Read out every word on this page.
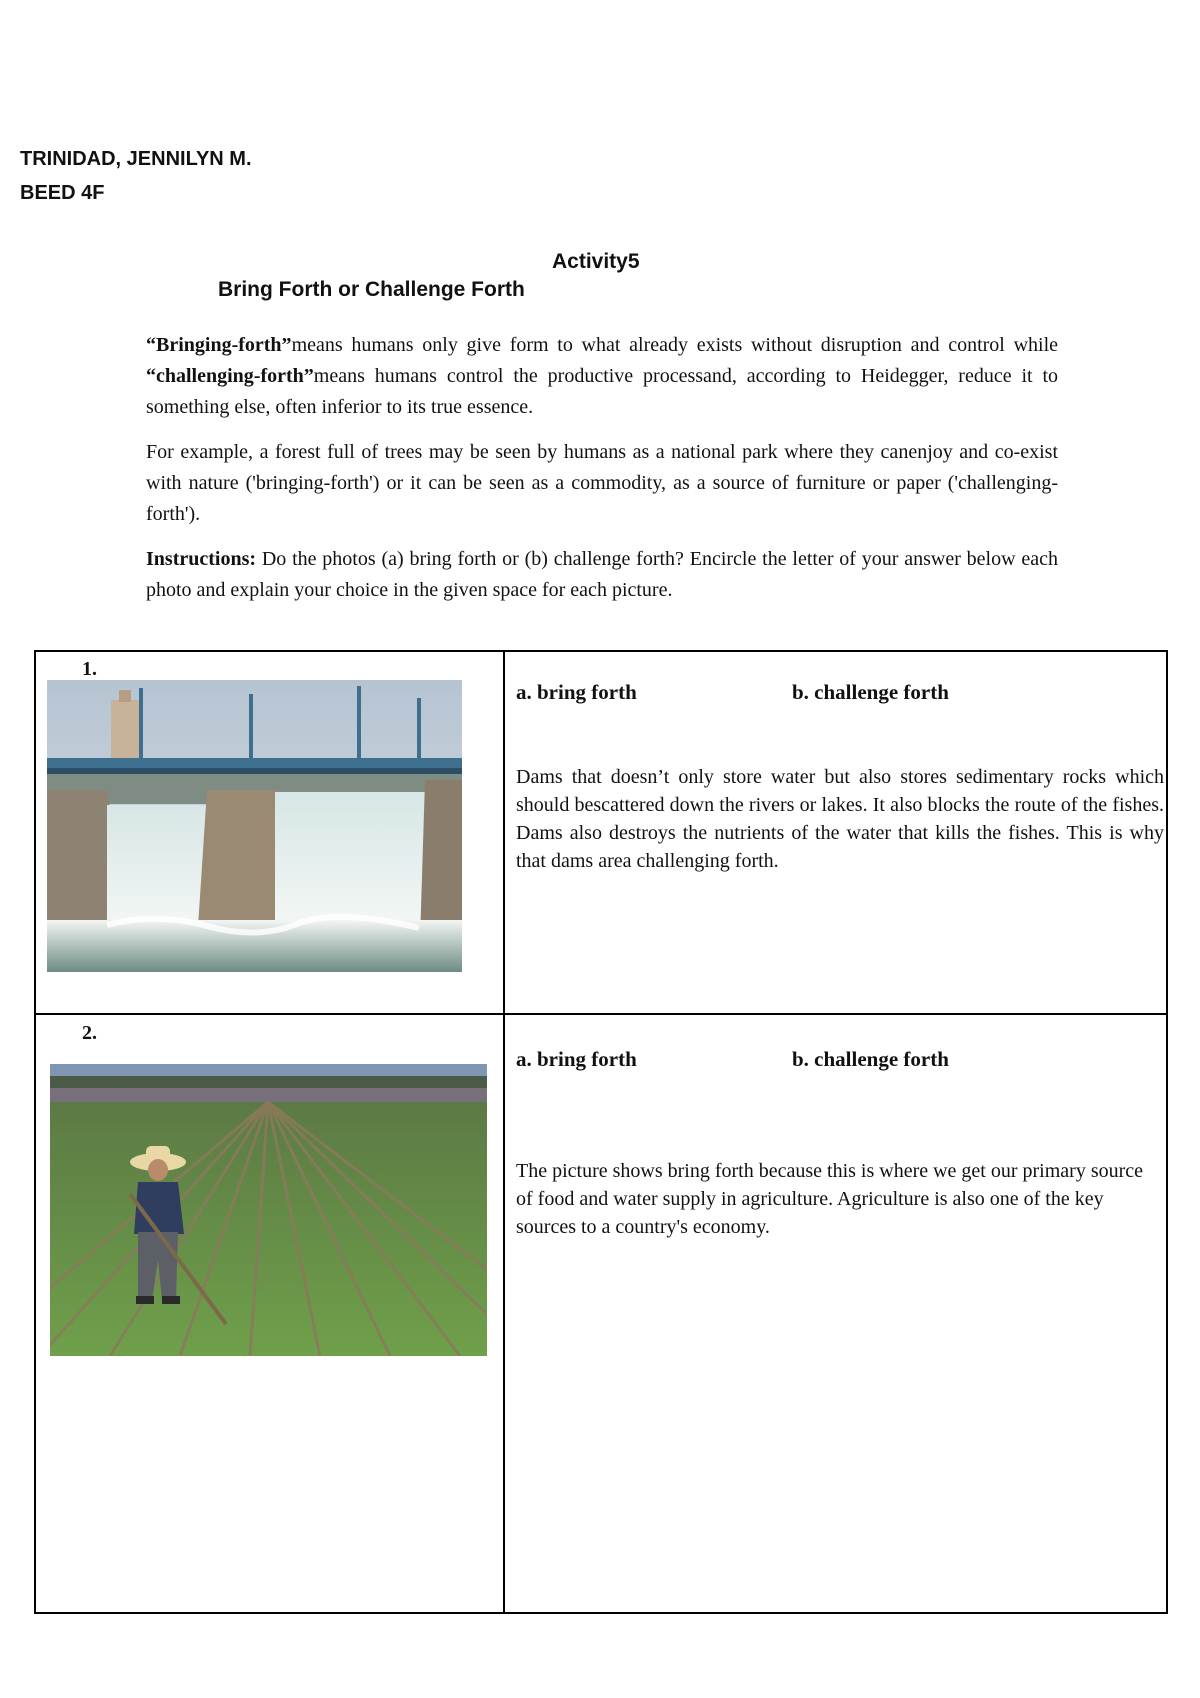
TRINIDAD, JENNILYN M.
BEED 4F
Activity5
Bring Forth or Challenge Forth
“Bringing-forth”means humans only give form to what already exists without disruption and control while “challenging-forth”means humans control the productive processand, according to Heidegger, reduce it to something else, often inferior to its true essence.
For example, a forest full of trees may be seen by humans as a national park where they canenjoy and co-exist with nature ('bringing-forth') or it can be seen as a commodity, as a source of furniture or paper ('challenging-forth').
Instructions: Do the photos (a) bring forth or (b) challenge forth? Encircle the letter of your answer below each photo and explain your choice in the given space for each picture.
1.
a. bring forth	b. challenge forth
Dams that doesn’t only store water but also stores sedimentary rocks which should bescattered down the rivers or lakes. It also blocks the route of the fishes. Dams also destroys the nutrients of the water that kills the fishes. This is why that dams area challenging forth.
2.
a. bring forth	b. challenge forth
The picture shows bring forth because this is where we get our primary source of food and water supply in agriculture. Agriculture is also one of the key sources to a country's economy.
